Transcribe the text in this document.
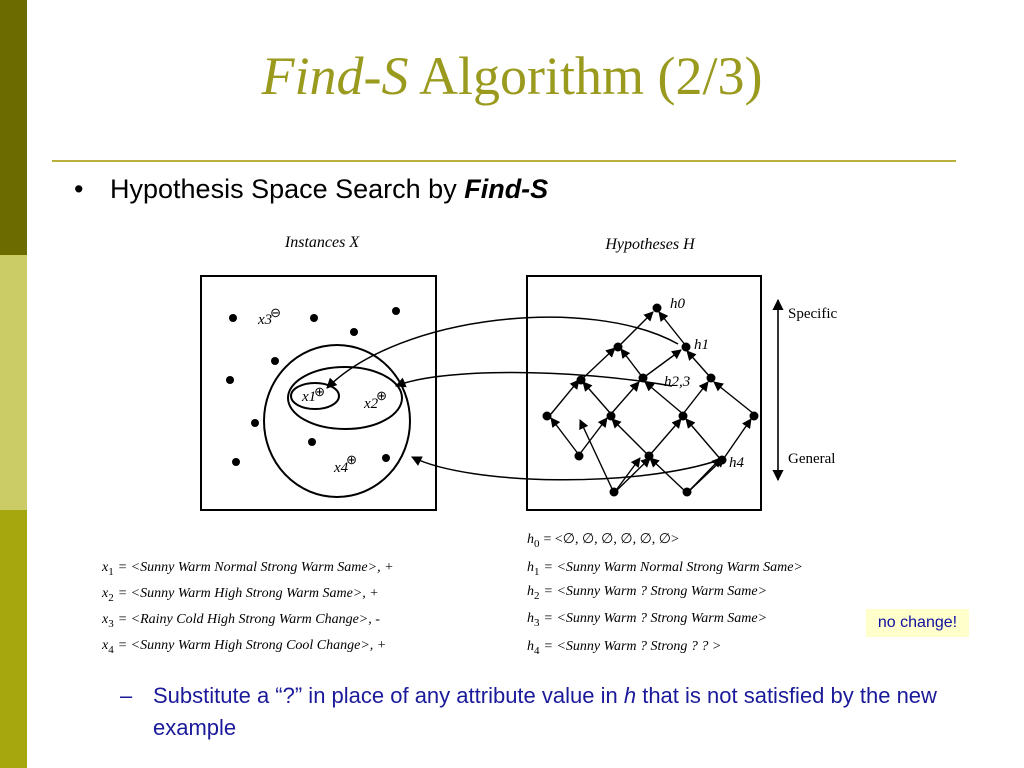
Find-S Algorithm (2/3)
• Hypothesis Space Search by Find-S
Instances X	Hypotheses H
x3⊖
x1⊕
x2⊕
x4⊕
h0
h1
h2,3
h4
Specific
General
$x_1$ = <Sunny Warm Normal Strong Warm Same>, +
$x_2$ = <Sunny Warm High Strong Warm Same>, +
$x_3$ = <Rainy Cold High Strong Warm Change>, -
$x_4$ = <Sunny Warm High Strong Cool Change>, +
$h_0$ = <∅, ∅, ∅, ∅, ∅, ∅>
$h_1$ = <Sunny Warm Normal Strong Warm Same>
$h_2$ = <Sunny Warm ? Strong Warm Same>
$h_3$ = <Sunny Warm ? Strong Warm Same>
$h_4$ = <Sunny Warm ? Strong ? ? >
no change!
– Substitute a “?” in place of any attribute value in h that is not satisfied by the new example
